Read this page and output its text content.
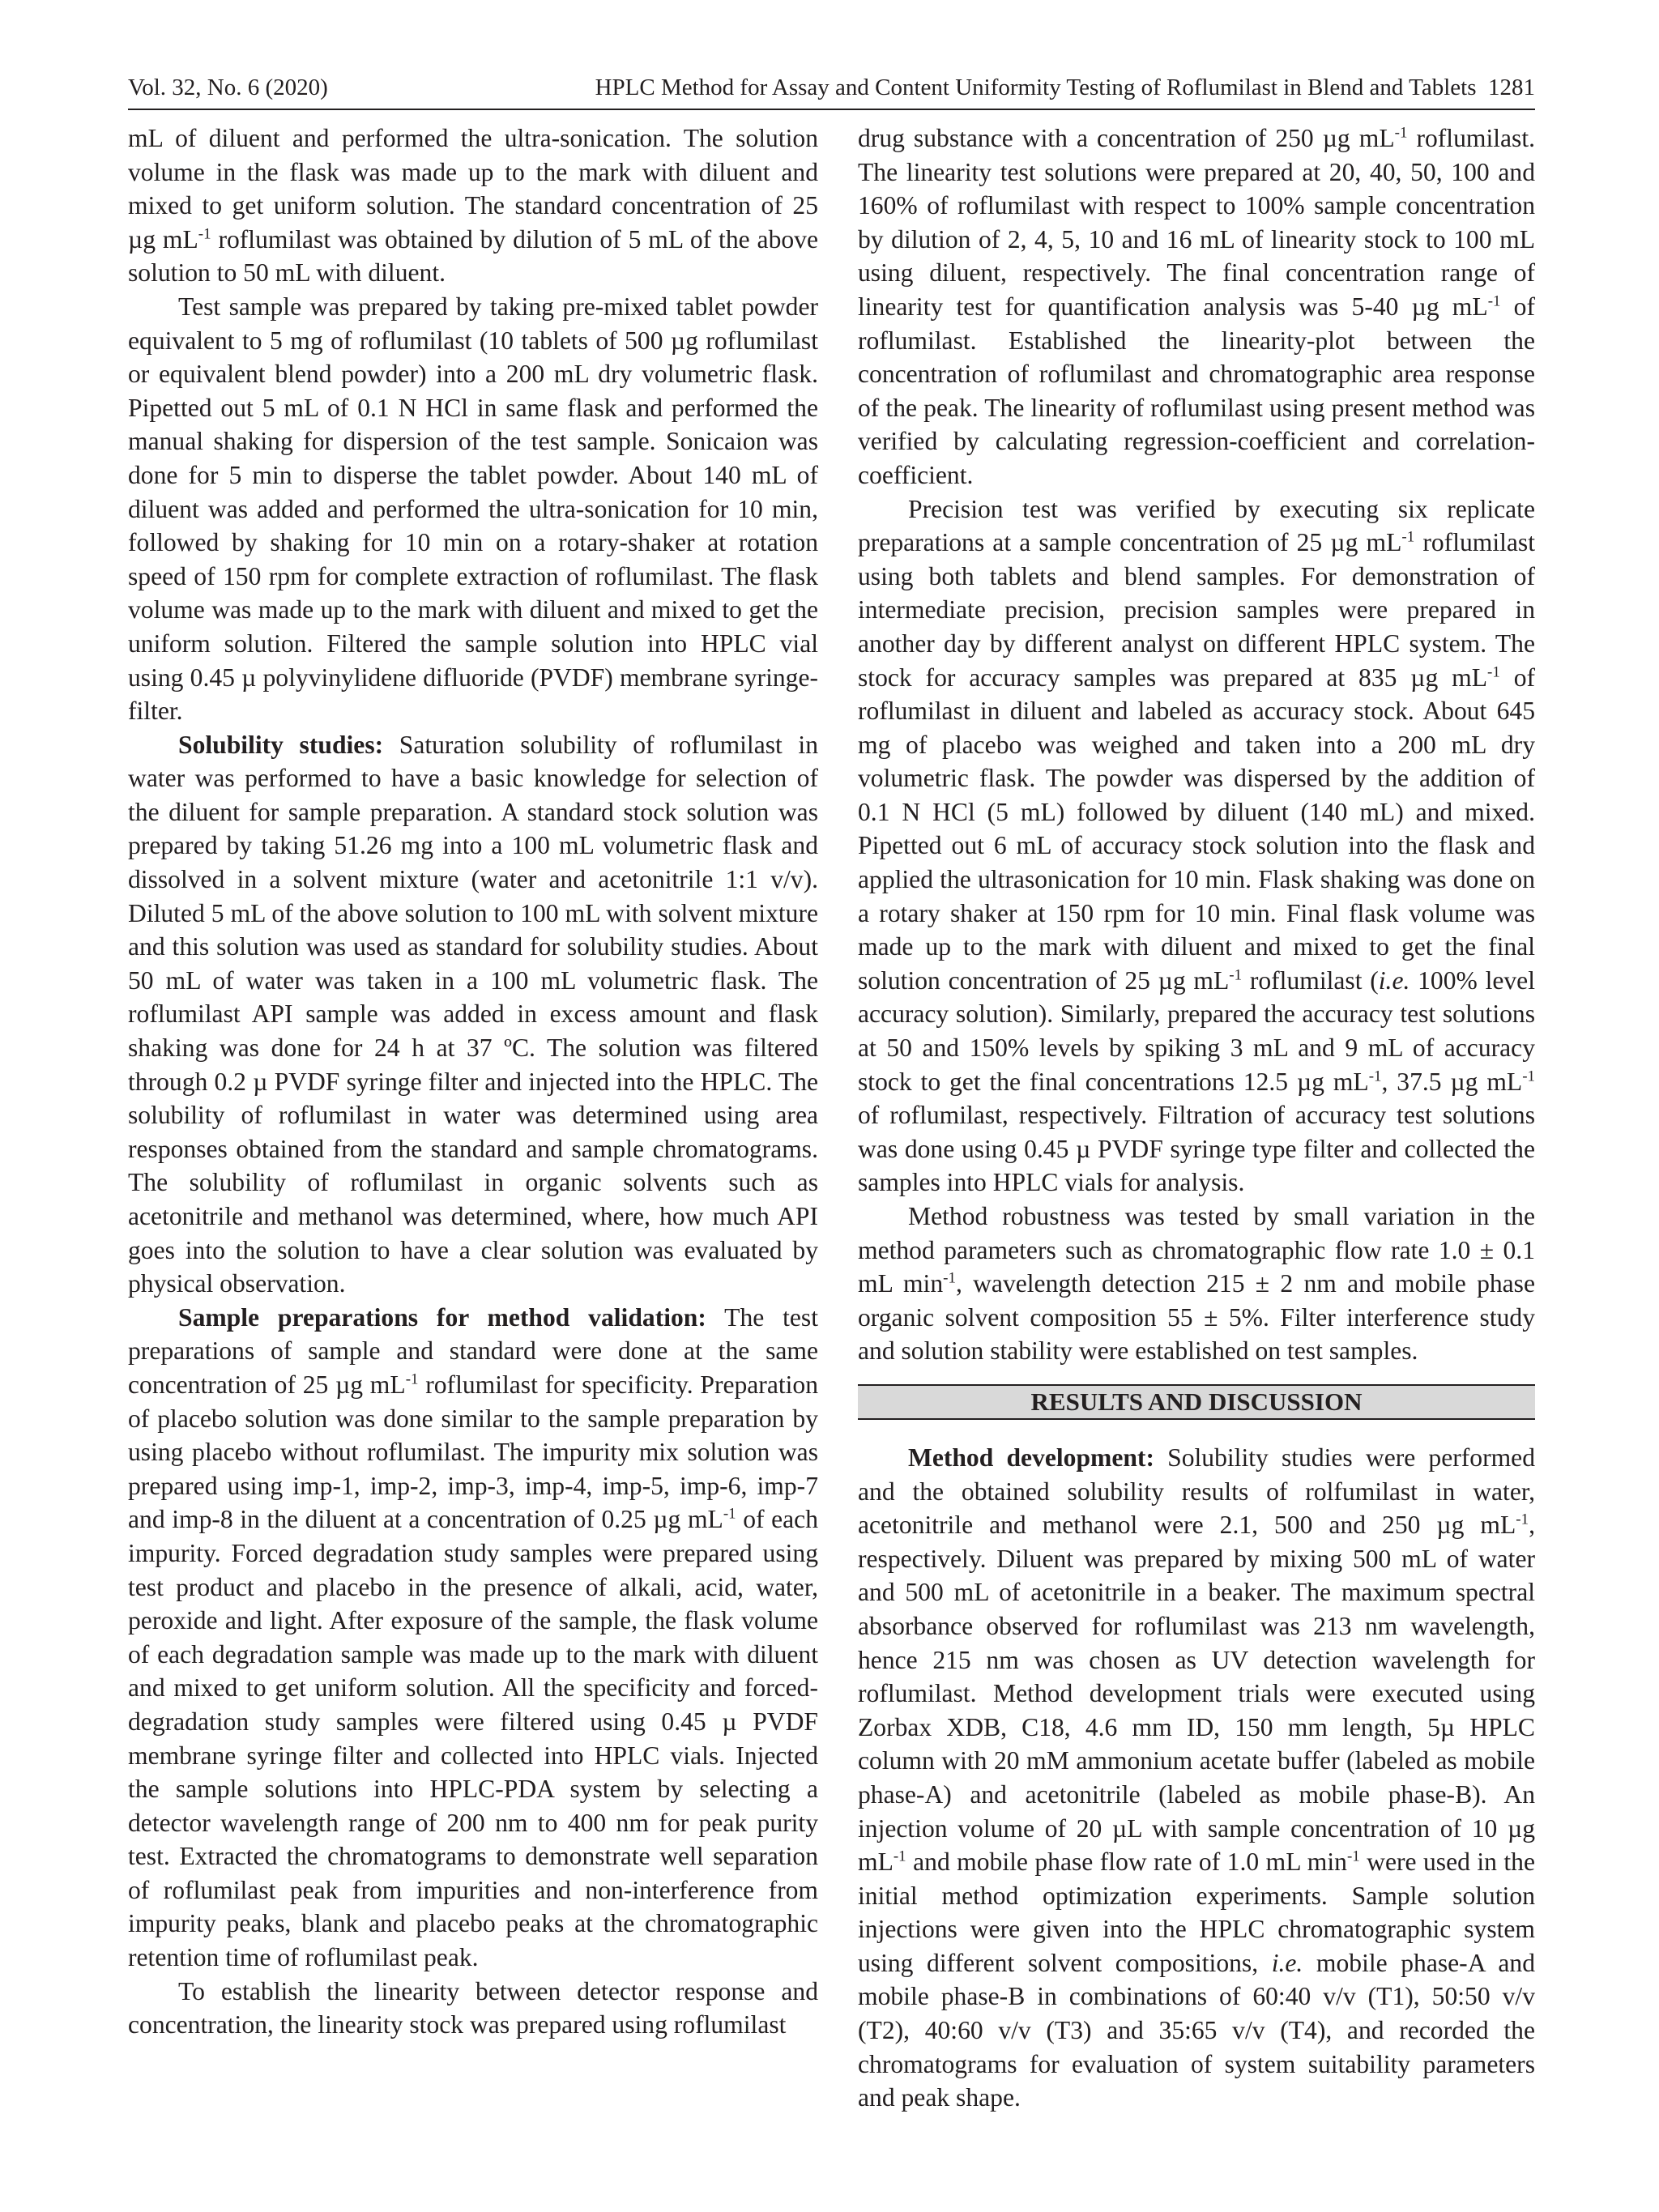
Vol. 32, No. 6 (2020)	HPLC Method for Assay and Content Uniformity Testing of Roflumilast in Blend and Tablets 1281

mL of diluent and performed the ultra-sonication. The solution volume in the flask was made up to the mark with diluent and mixed to get uniform solution. The standard concentration of 25 µg $mL^{-1}$ roflumilast was obtained by dilution of 5 mL of the above solution to 50 mL with diluent.

Test sample was prepared by taking pre-mixed tablet powder equivalent to 5 mg of roflumilast (10 tablets of 500 µg roflumilast or equivalent blend powder) into a 200 mL dry volumetric flask. Pipetted out 5 mL of 0.1 N HCl in same flask and performed the manual shaking for dispersion of the test sample. Sonicaion was done for 5 min to disperse the tablet powder. About 140 mL of diluent was added and performed the ultra-sonication for 10 min, followed by shaking for 10 min on a rotary-shaker at rotation speed of 150 rpm for complete extraction of roflumilast. The flask volume was made up to the mark with diluent and mixed to get the uniform solution. Filtered the sample solution into HPLC vial using 0.45 µ polyvinylidene difluoride (PVDF) membrane syringe-filter.

Solubility studies: Saturation solubility of roflumilast in water was performed to have a basic knowledge for selection of the diluent for sample preparation. A standard stock solution was prepared by taking 51.26 mg into a 100 mL volumetric flask and dissolved in a solvent mixture (water and acetonitrile 1:1 v/v). Diluted 5 mL of the above solution to 100 mL with solvent mixture and this solution was used as standard for solubility studies. About 50 mL of water was taken in a 100 mL volumetric flask. The roflumilast API sample was added in excess amount and flask shaking was done for 24 h at 37 ºC. The solution was filtered through 0.2 µ PVDF syringe filter and injected into the HPLC. The solubility of roflumilast in water was determined using area responses obtained from the standard and sample chromatograms. The solubility of roflumilast in organic solvents such as acetonitrile and methanol was determined, where, how much API goes into the solution to have a clear solution was evaluated by physical observation.

Sample preparations for method validation: The test preparations of sample and standard were done at the same concentration of 25 µg $mL^{-1}$ roflumilast for specificity. Preparation of placebo solution was done similar to the sample preparation by using placebo without roflumilast. The impurity mix solution was prepared using imp-1, imp-2, imp-3, imp-4, imp-5, imp-6, imp-7 and imp-8 in the diluent at a concentration of 0.25 µg $mL^{-1}$ of each impurity. Forced degradation study samples were prepared using test product and placebo in the presence of alkali, acid, water, peroxide and light. After exposure of the sample, the flask volume of each degradation sample was made up to the mark with diluent and mixed to get uniform solution. All the specificity and forced-degradation study samples were filtered using 0.45 µ PVDF membrane syringe filter and collected into HPLC vials. Injected the sample solutions into HPLC-PDA system by selecting a detector wavelength range of 200 nm to 400 nm for peak purity test. Extracted the chromatograms to demonstrate well separation of roflumilast peak from impurities and non-interference from impurity peaks, blank and placebo peaks at the chromatographic retention time of roflumilast peak.

To establish the linearity between detector response and concentration, the linearity stock was prepared using roflumilast

drug substance with a concentration of 250 µg $mL^{-1}$ roflumilast. The linearity test solutions were prepared at 20, 40, 50, 100 and 160% of roflumilast with respect to 100% sample concentration by dilution of 2, 4, 5, 10 and 16 mL of linearity stock to 100 mL using diluent, respectively. The final concentration range of linearity test for quantification analysis was 5-40 µg $mL^{-1}$ of roflumilast. Established the linearity-plot between the concentration of roflumilast and chromatographic area response of the peak. The linearity of roflumilast using present method was verified by calculating regression-coefficient and correlation-coefficient.

Precision test was verified by executing six replicate preparations at a sample concentration of 25 µg $mL^{-1}$ roflumilast using both tablets and blend samples. For demonstration of intermediate precision, precision samples were prepared in another day by different analyst on different HPLC system. The stock for accuracy samples was prepared at 835 µg $mL^{-1}$ of roflumilast in diluent and labeled as accuracy stock. About 645 mg of placebo was weighed and taken into a 200 mL dry volumetric flask. The powder was dispersed by the addition of 0.1 N HCl (5 mL) followed by diluent (140 mL) and mixed. Pipetted out 6 mL of accuracy stock solution into the flask and applied the ultrasonication for 10 min. Flask shaking was done on a rotary shaker at 150 rpm for 10 min. Final flask volume was made up to the mark with diluent and mixed to get the final solution concentration of 25 µg $mL^{-1}$ roflumilast (i.e. 100% level accuracy solution). Similarly, prepared the accuracy test solutions at 50 and 150% levels by spiking 3 mL and 9 mL of accuracy stock to get the final concentrations 12.5 µg $mL^{-1}$, 37.5 µg $mL^{-1}$ of roflumilast, respectively. Filtration of accuracy test solutions was done using 0.45 µ PVDF syringe type filter and collected the samples into HPLC vials for analysis.

Method robustness was tested by small variation in the method parameters such as chromatographic flow rate 1.0 ± 0.1 mL $\min^{-1}$, wavelength detection 215 ± 2 nm and mobile phase organic solvent composition 55 ± 5%. Filter interference study and solution stability were established on test samples.

RESULTS AND DISCUSSION

Method development: Solubility studies were performed and the obtained solubility results of rolfumilast in water, acetonitrile and methanol were 2.1, 500 and 250 µg $mL^{-1}$, respectively. Diluent was prepared by mixing 500 mL of water and 500 mL of acetonitrile in a beaker. The maximum spectral absorbance observed for roflumilast was 213 nm wavelength, hence 215 nm was chosen as UV detection wavelength for roflumilast. Method development trials were executed using Zorbax XDB, C18, 4.6 mm ID, 150 mm length, 5µ HPLC column with 20 mM ammonium acetate buffer (labeled as mobile phase-A) and acetonitrile (labeled as mobile phase-B). An injection volume of 20 µL with sample concentration of 10 µg $mL^{-1}$ and mobile phase flow rate of 1.0 mL $\min^{-1}$ were used in the initial method optimization experiments. Sample solution injections were given into the HPLC chromatographic system using different solvent compositions, i.e. mobile phase-A and mobile phase-B in combinations of 60:40 v/v (T1), 50:50 v/v (T2), 40:60 v/v (T3) and 35:65 v/v (T4), and recorded the chromatograms for evaluation of system suitability parameters and peak shape.
